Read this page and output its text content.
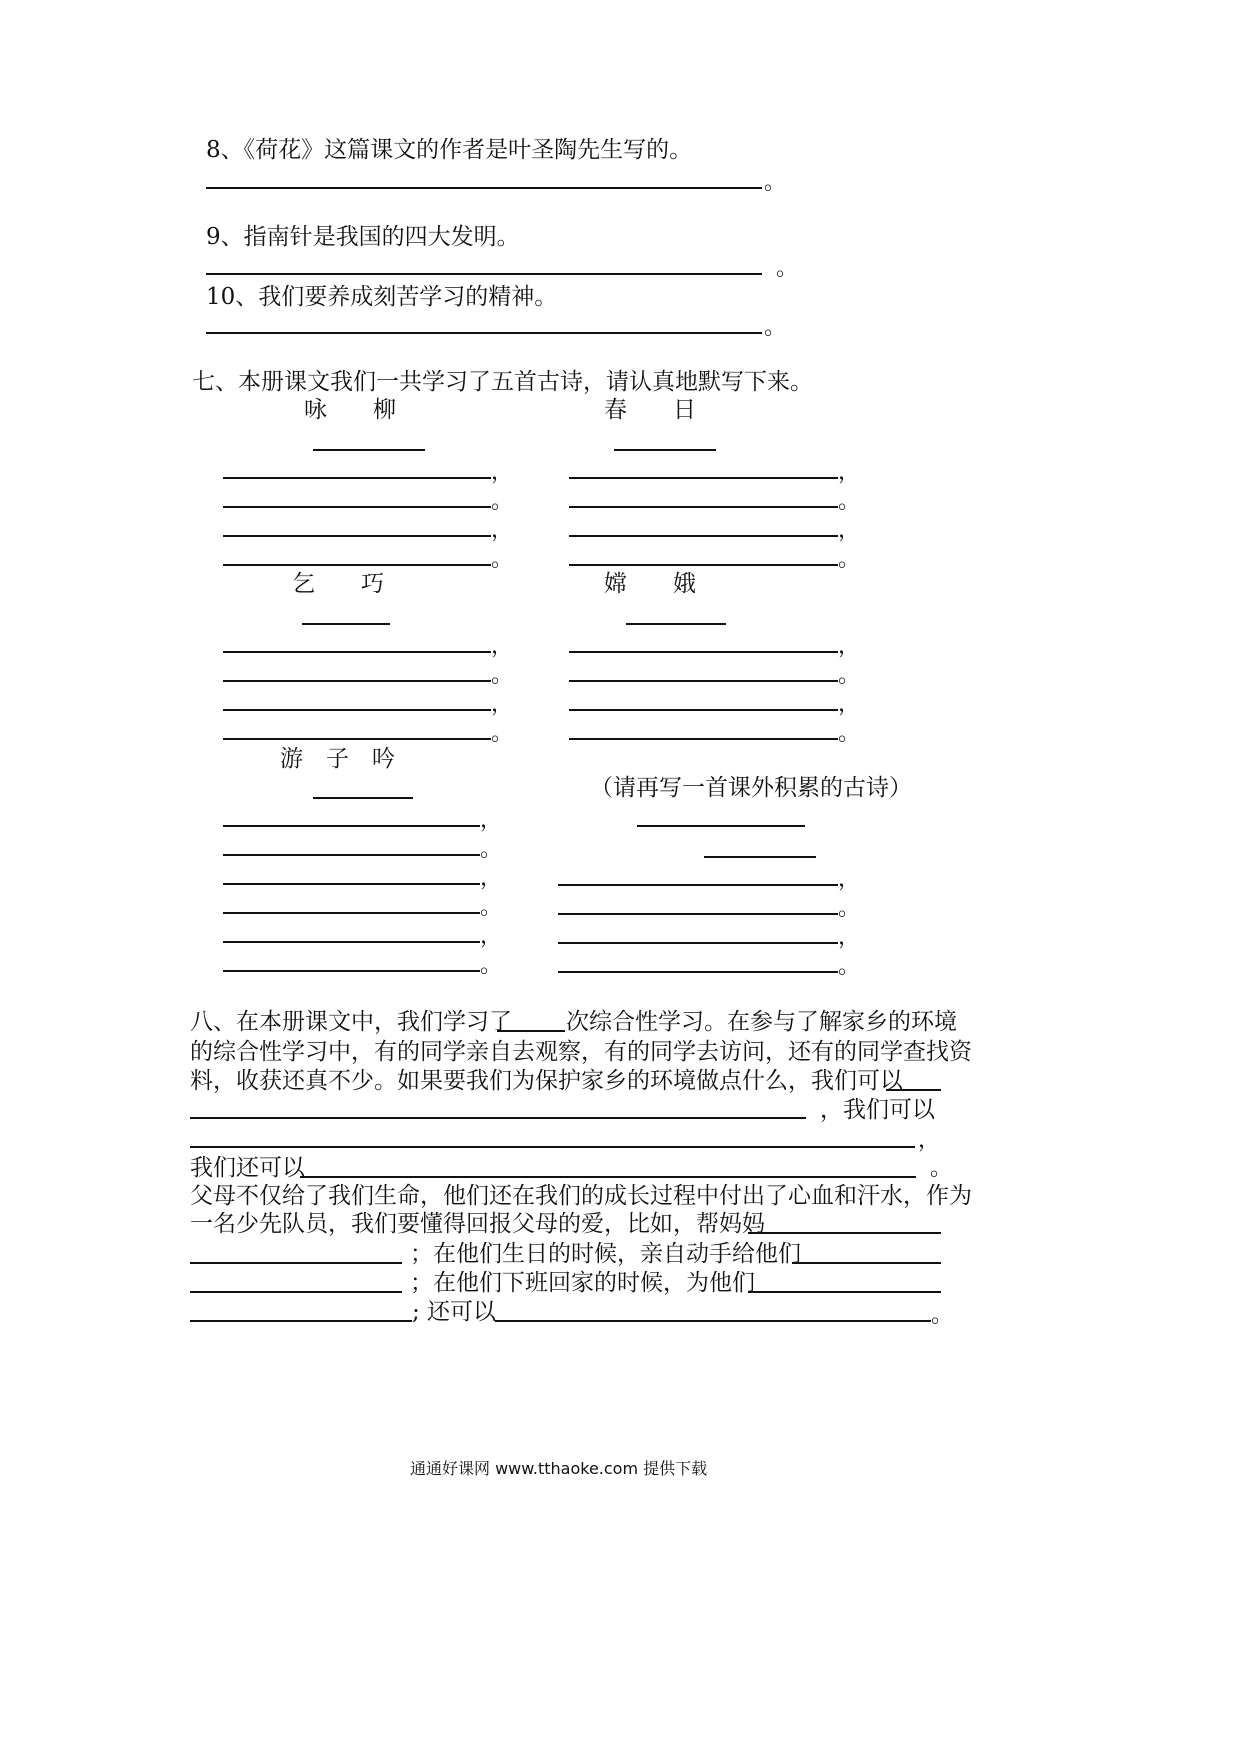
8、《荷花》这篇课文的作者是叶圣陶先生写的。
。
9、指南针是我国的四大发明。
。
10、我们要养成刻苦学习的精神。
。
七、本册课文我们一共学习了五首古诗，请认真地默写下来。
咏　　柳
，
。
，
。
春　　日
，
。
，
。
乞　　巧
，
。
，
。
嫦　　娥
，
。
，
。
游　子　吟
，
。
，
。
，
。
（请再写一首课外积累的古诗）
，
。
，
。
八、在本册课文中，我们学习了 次综合性学习。在参与了解家乡的环境
的综合性学习中，有的同学亲自去观察，有的同学去访问，还有的同学查找资
料，收获还真不少。如果要我们为保护家乡的环境做点什么，我们可以
，我们可以
，
我们还可以	。
父母不仅给了我们生命，他们还在我们的成长过程中付出了心血和汗水，作为
一名少先队员，我们要懂得回报父母的爱，比如，帮妈妈
；在他们生日的时候，亲自动手给他们
；在他们下班回家的时候，为他们
; 还可以	。
通通好课网 www.tthaoke.com 提供下载
